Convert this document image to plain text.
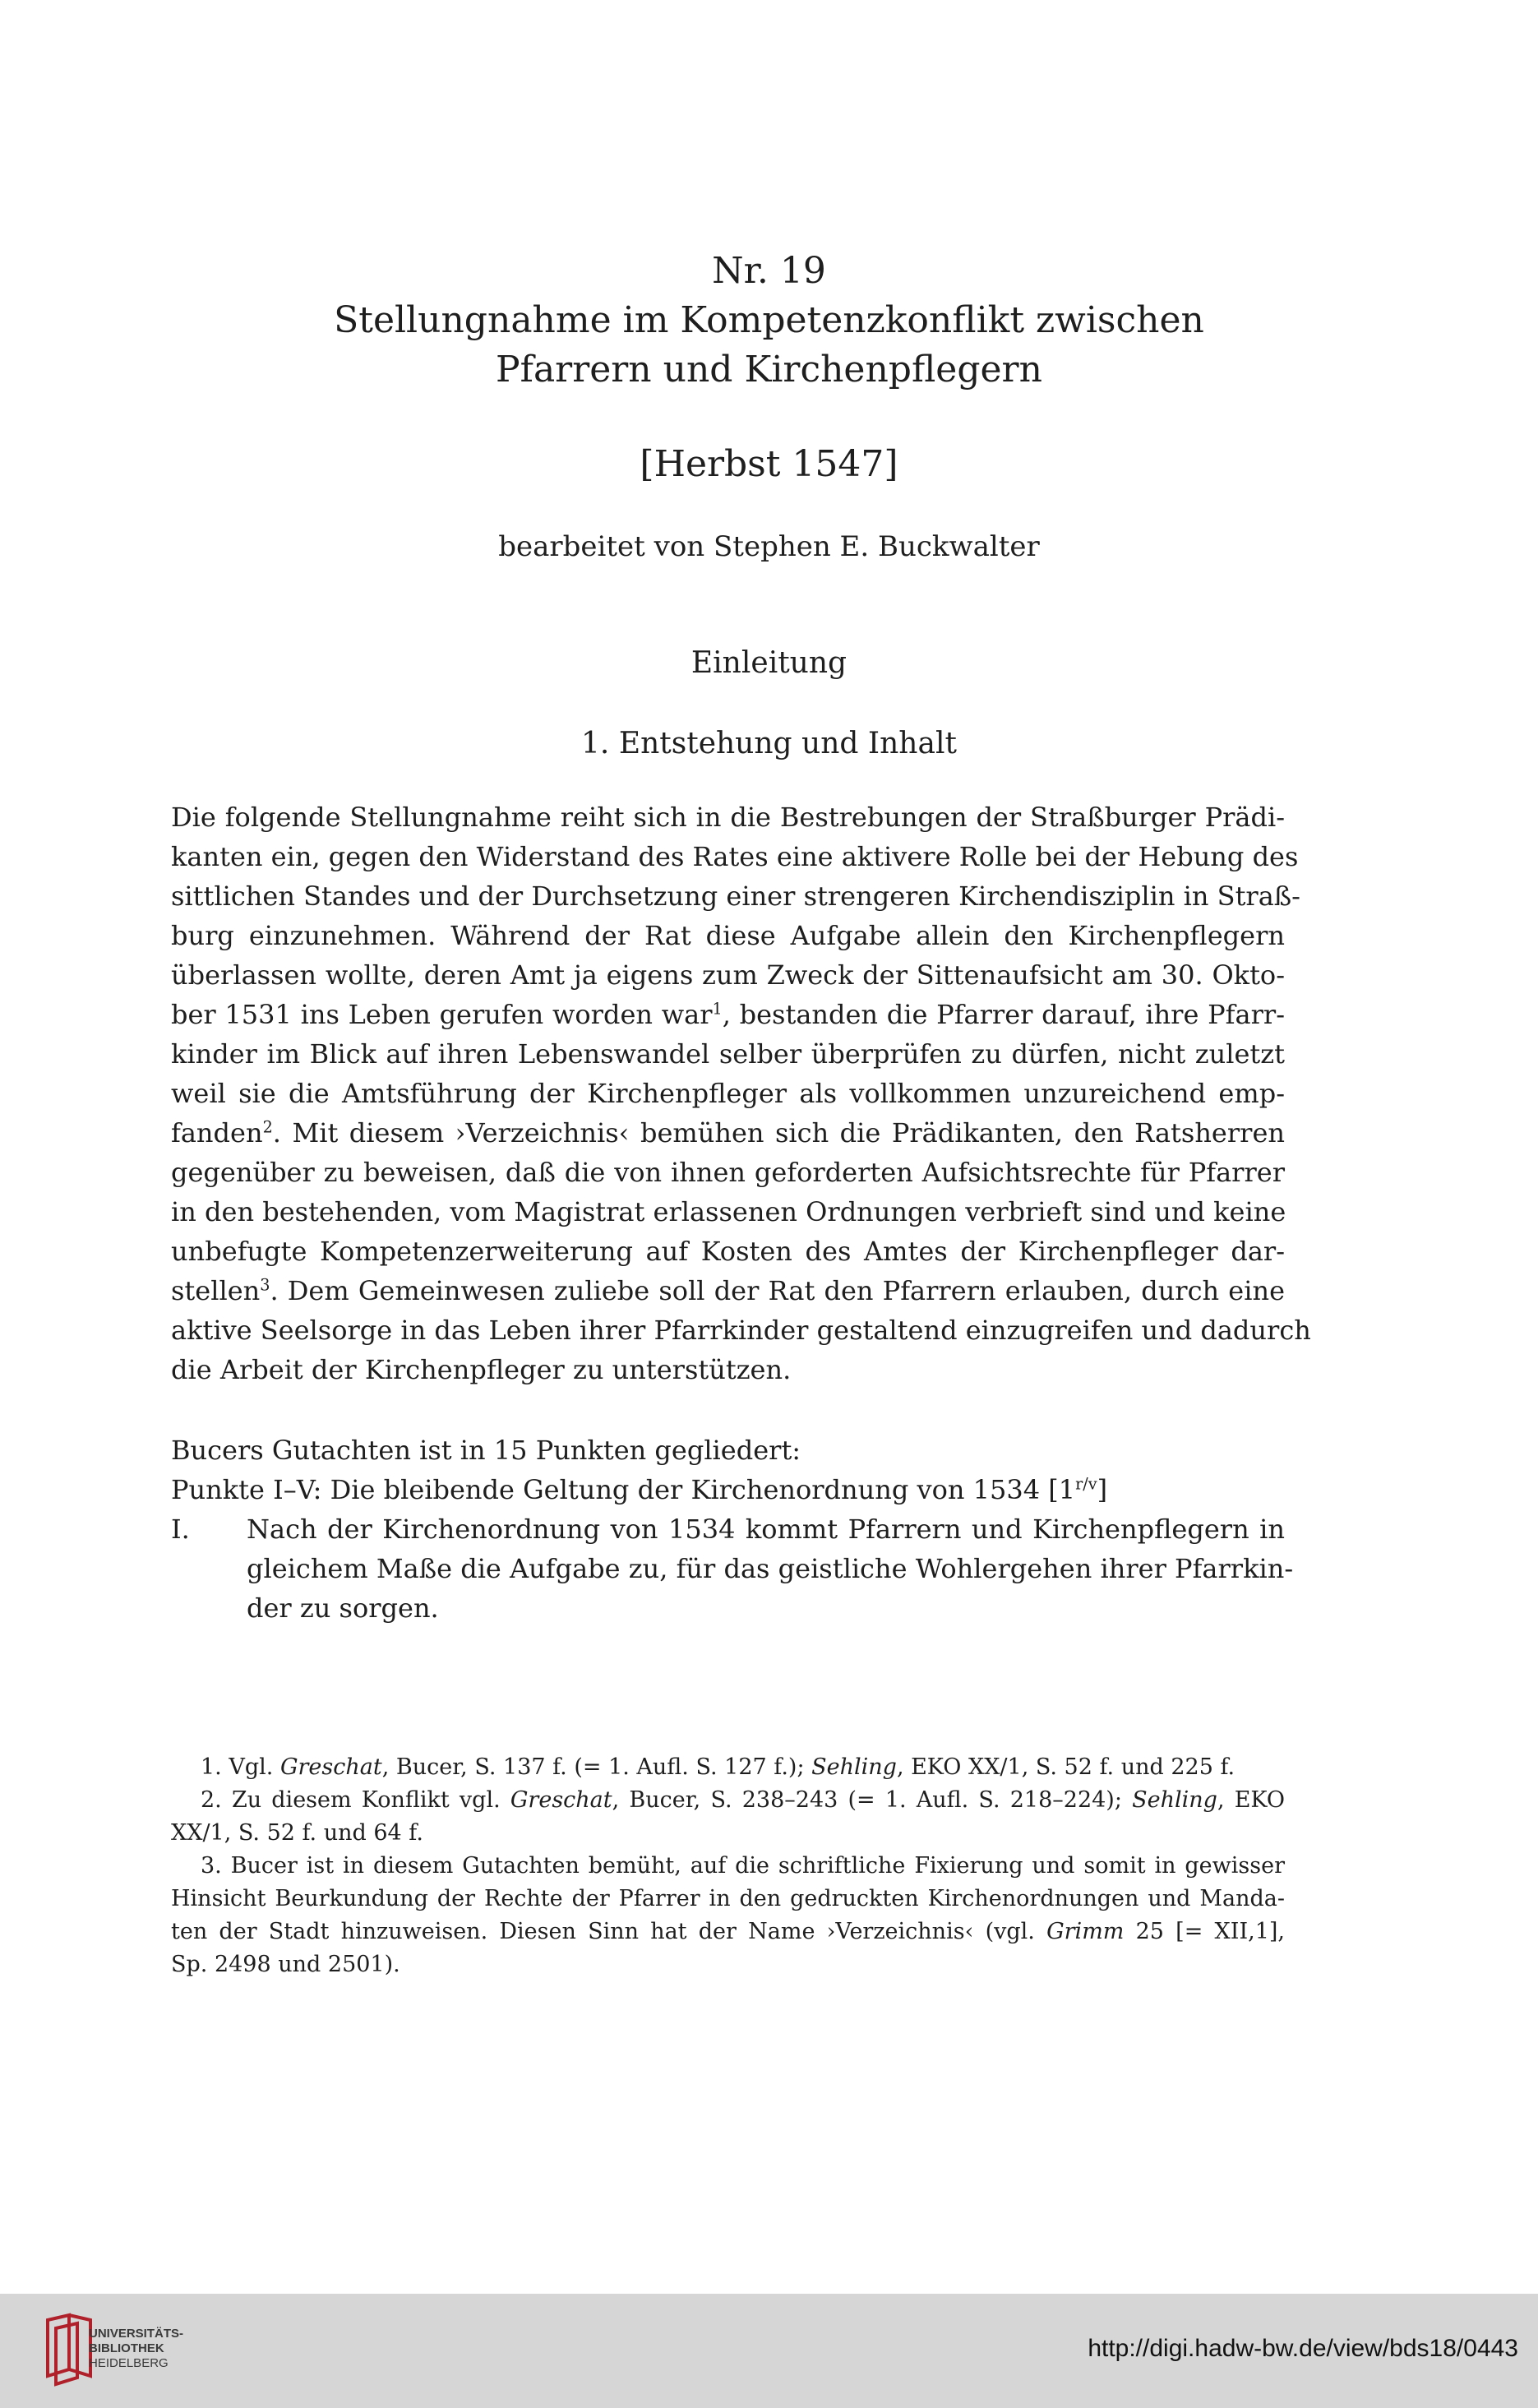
Nr. 19
Stellungnahme im Kompetenzkonflikt zwischen
Pfarrern und Kirchenpflegern
[Herbst 1547]
bearbeitet von Stephen E. Buckwalter
Einleitung
1. Entstehung und Inhalt
Die folgende Stellungnahme reiht sich in die Bestrebungen der Straßburger Prädi-
kanten ein, gegen den Widerstand des Rates eine aktivere Rolle bei der Hebung des
sittlichen Standes und der Durchsetzung einer strengeren Kirchendisziplin in Straß-
burg einzunehmen. Während der Rat diese Aufgabe allein den Kirchenpflegern
überlassen wollte, deren Amt ja eigens zum Zweck der Sittenaufsicht am 30. Okto-
ber 1531 ins Leben gerufen worden war$^1$, bestanden die Pfarrer darauf, ihre Pfarr-
kinder im Blick auf ihren Lebenswandel selber überprüfen zu dürfen, nicht zuletzt
weil sie die Amtsführung der Kirchenpfleger als vollkommen unzureichend emp-
fanden$^2$. Mit diesem ›Verzeichnis‹ bemühen sich die Prädikanten, den Ratsherren
gegenüber zu beweisen, daß die von ihnen geforderten Aufsichtsrechte für Pfarrer
in den bestehenden, vom Magistrat erlassenen Ordnungen verbrieft sind und keine
unbefugte Kompetenzerweiterung auf Kosten des Amtes der Kirchenpfleger dar-
stellen$^3$. Dem Gemeinwesen zuliebe soll der Rat den Pfarrern erlauben, durch eine
aktive Seelsorge in das Leben ihrer Pfarrkinder gestaltend einzugreifen und dadurch
die Arbeit der Kirchenpfleger zu unterstützen.
Bucers Gutachten ist in 15 Punkten gegliedert:
Punkte I–V: Die bleibende Geltung der Kirchenordnung von 1534 $[1^{r/v}]$
I. Nach der Kirchenordnung von 1534 kommt Pfarrern und Kirchenpflegern in
gleichem Maße die Aufgabe zu, für das geistliche Wohlergehen ihrer Pfarrkin-
der zu sorgen.
1. Vgl. Greschat, Bucer, S. 137 f. (= 1. Aufl. S. 127 f.); Sehling, EKO XX/1, S. 52 f. und 225 f.
2. Zu diesem Konflikt vgl. Greschat, Bucer, S. 238–243 (= 1. Aufl. S. 218–224); Sehling, EKO
XX/1, S. 52 f. und 64 f.
3. Bucer ist in diesem Gutachten bemüht, auf die schriftliche Fixierung und somit in gewisser
Hinsicht Beurkundung der Rechte der Pfarrer in den gedruckten Kirchenordnungen und Manda-
ten der Stadt hinzuweisen. Diesen Sinn hat der Name ›Verzeichnis‹ (vgl. Grimm 25 [= XII,1],
Sp. 2498 und 2501).
UNIVERSITÄTS-
BIBLIOTHEK
HEIDELBERG
http://digi.hadw-bw.de/view/bds18/0443
